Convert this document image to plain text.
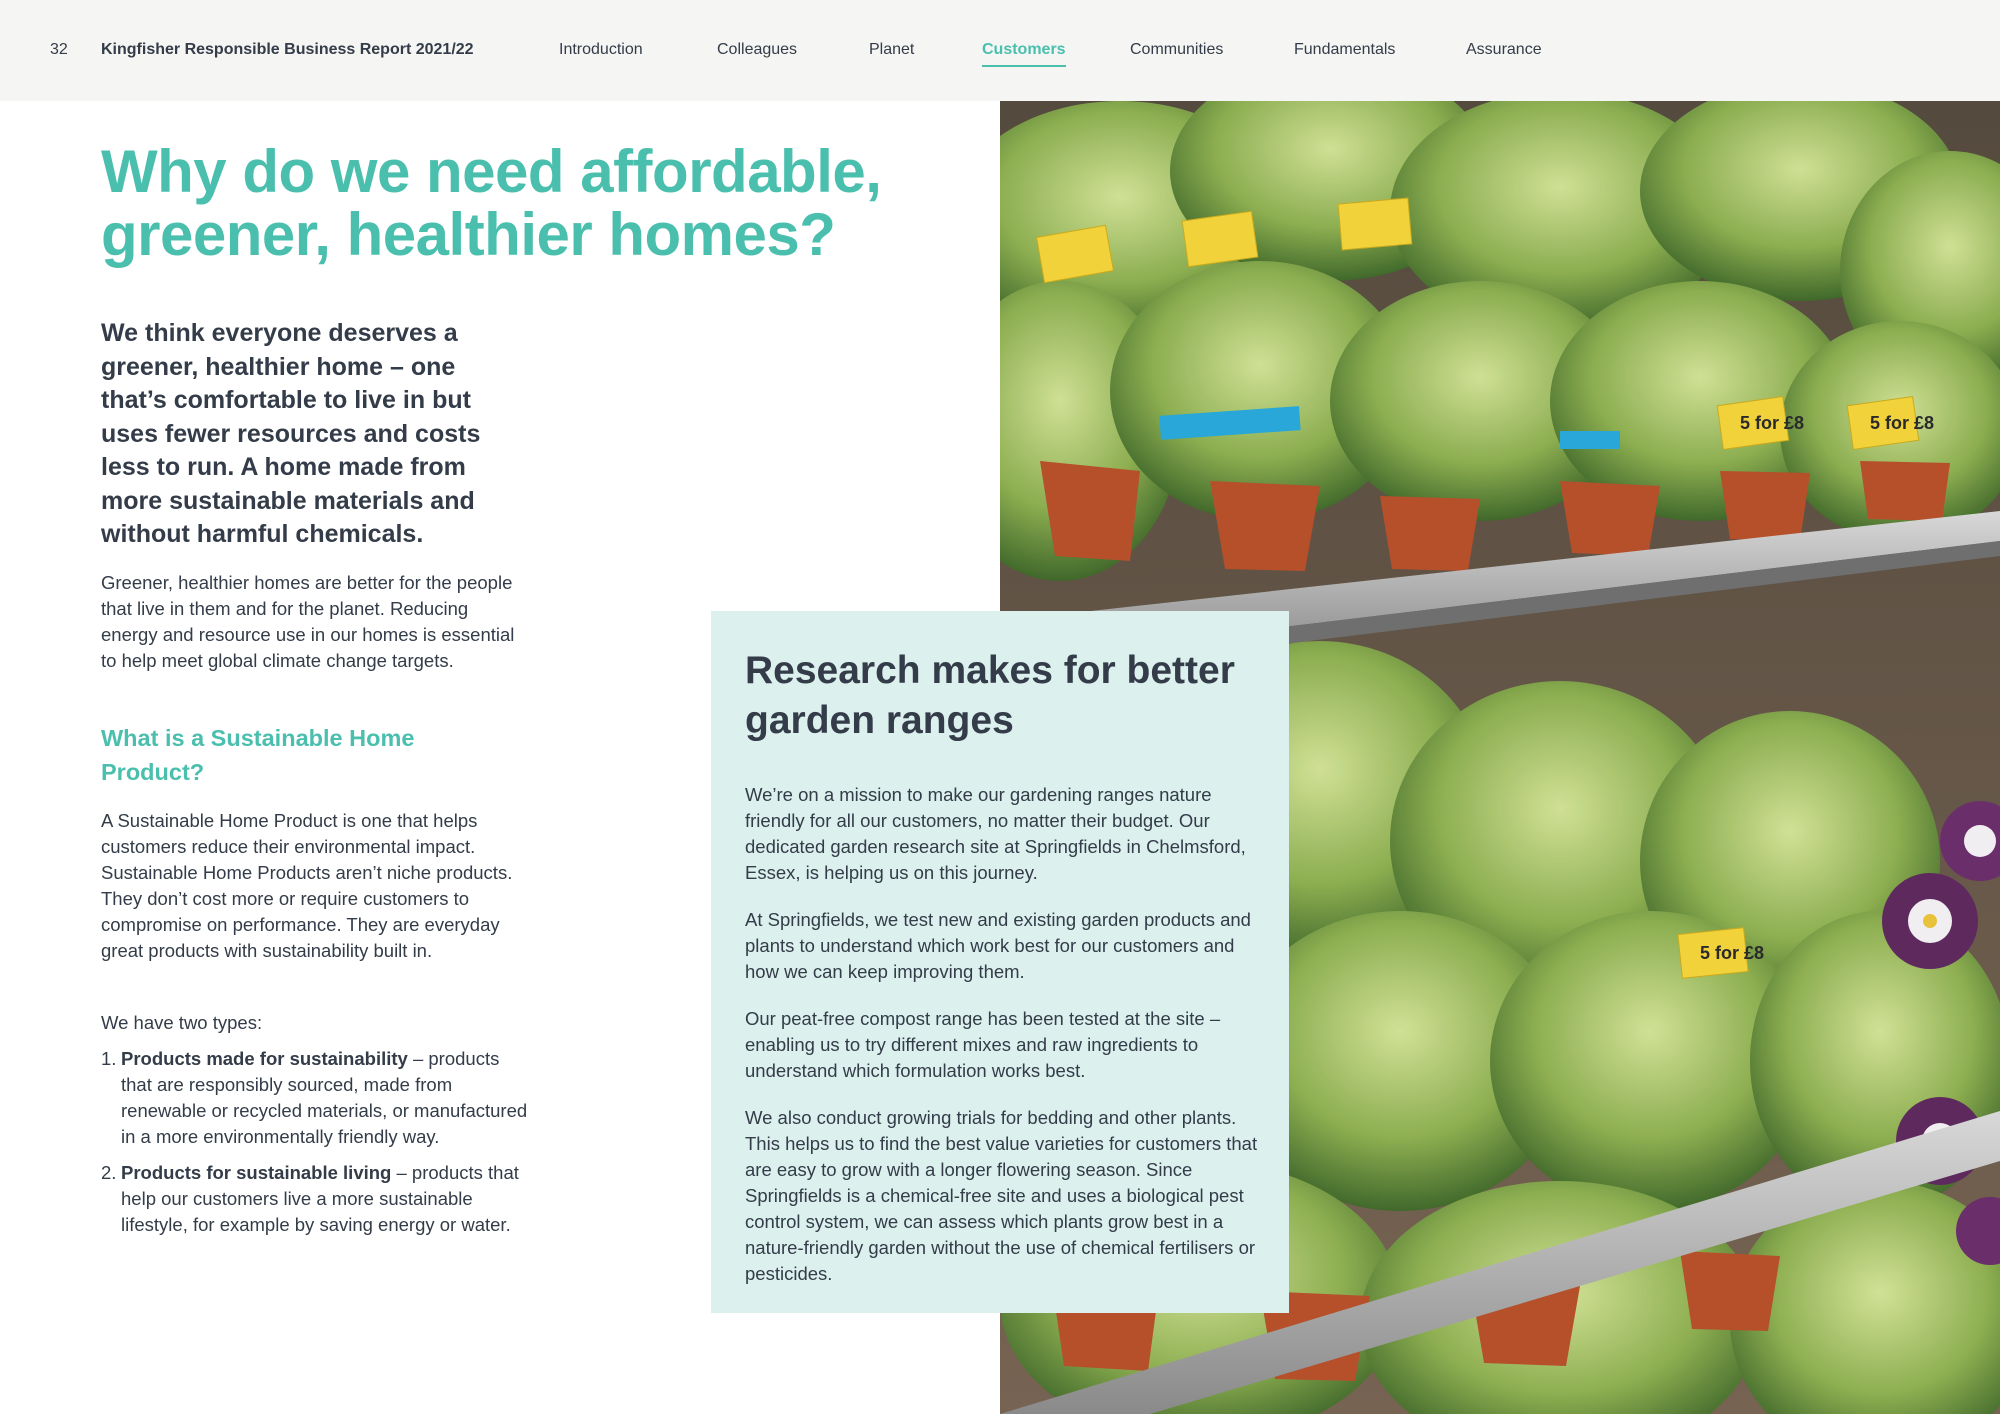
32 Kingfisher Responsible Business Report 2021/22	Introduction	Colleagues	Planet	Customers	Communities	Fundamentals	Assurance
5 for £8	5 for £8
5 for £8
Why do we need affordable, greener, healthier homes?

We think everyone deserves a greener, healthier home – one that’s comfortable to live in but uses fewer resources and costs less to run. A home made from more sustainable materials and without harmful chemicals.

Greener, healthier homes are better for the people that live in them and for the planet. Reducing energy and resource use in our homes is essential to help meet global climate change targets.

What is a Sustainable Home Product?

A Sustainable Home Product is one that helps customers reduce their environmental impact. Sustainable Home Products aren’t niche products. They don’t cost more or require customers to compromise on performance. They are everyday great products with sustainability built in.

We have two types:

1. Products made for sustainability – products that are responsibly sourced, made from renewable or recycled materials, or manufactured in a more environmentally friendly way.
2. Products for sustainable living – products that help our customers live a more sustainable lifestyle, for example by saving energy or water.
Research makes for better garden ranges

We’re on a mission to make our gardening ranges nature friendly for all our customers, no matter their budget. Our dedicated garden research site at Springfields in Chelmsford, Essex, is helping us on this journey.

At Springfields, we test new and existing garden products and plants to understand which work best for our customers and how we can keep improving them.

Our peat-free compost range has been tested at the site – enabling us to try different mixes and raw ingredients to understand which formulation works best.

We also conduct growing trials for bedding and other plants. This helps us to find the best value varieties for customers that are easy to grow with a longer flowering season. Since Springfields is a chemical-free site and uses a biological pest control system, we can assess which plants grow best in a nature-friendly garden without the use of chemical fertilisers or pesticides.
